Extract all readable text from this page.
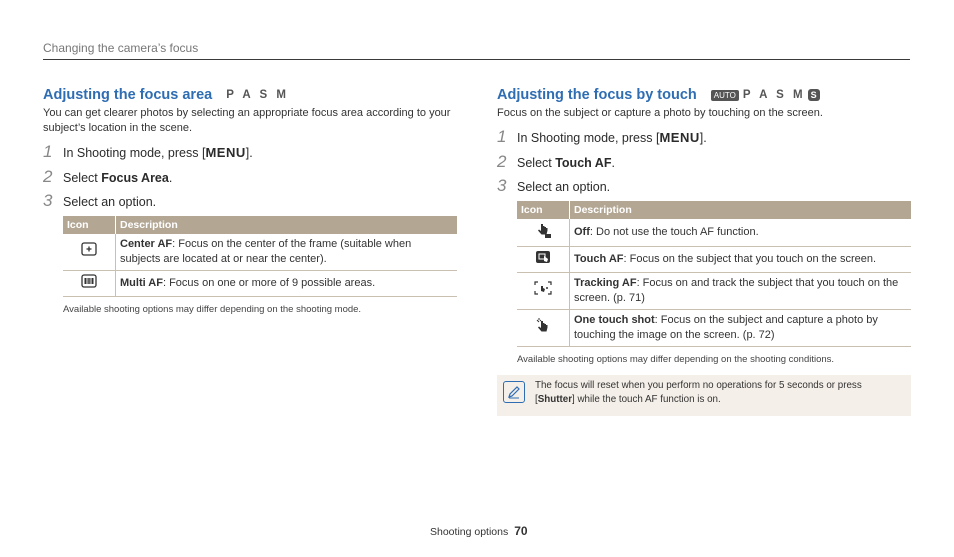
Changing the camera’s focus
Adjusting the focus area P A S M
You can get clearer photos by selecting an appropriate focus area according to your subject’s location in the scene.
1 In Shooting mode, press [MENU].
2 Select Focus Area.
3 Select an option.
Icon	Description
	Center AF: Focus on the center of the frame (suitable when subjects are located at or near the center).
	Multi AF: Focus on one or more of 9 possible areas.
Available shooting options may differ depending on the shooting mode.
Adjusting the focus by touch	AUTO P A S M S
Focus on the subject or capture a photo by touching on the screen.
1 In Shooting mode, press [MENU].
2 Select Touch AF.
3 Select an option.
Icon	Description
	Off: Do not use the touch AF function.
	Touch AF: Focus on the subject that you touch on the screen.
	Tracking AF: Focus on and track the subject that you touch on the screen. (p. 71)
	One touch shot: Focus on the subject and capture a photo by touching the image on the screen. (p. 72)
Available shooting options may differ depending on the shooting conditions.
The focus will reset when you perform no operations for 5 seconds or press [Shutter] while the touch AF function is on.
Shooting options 70
